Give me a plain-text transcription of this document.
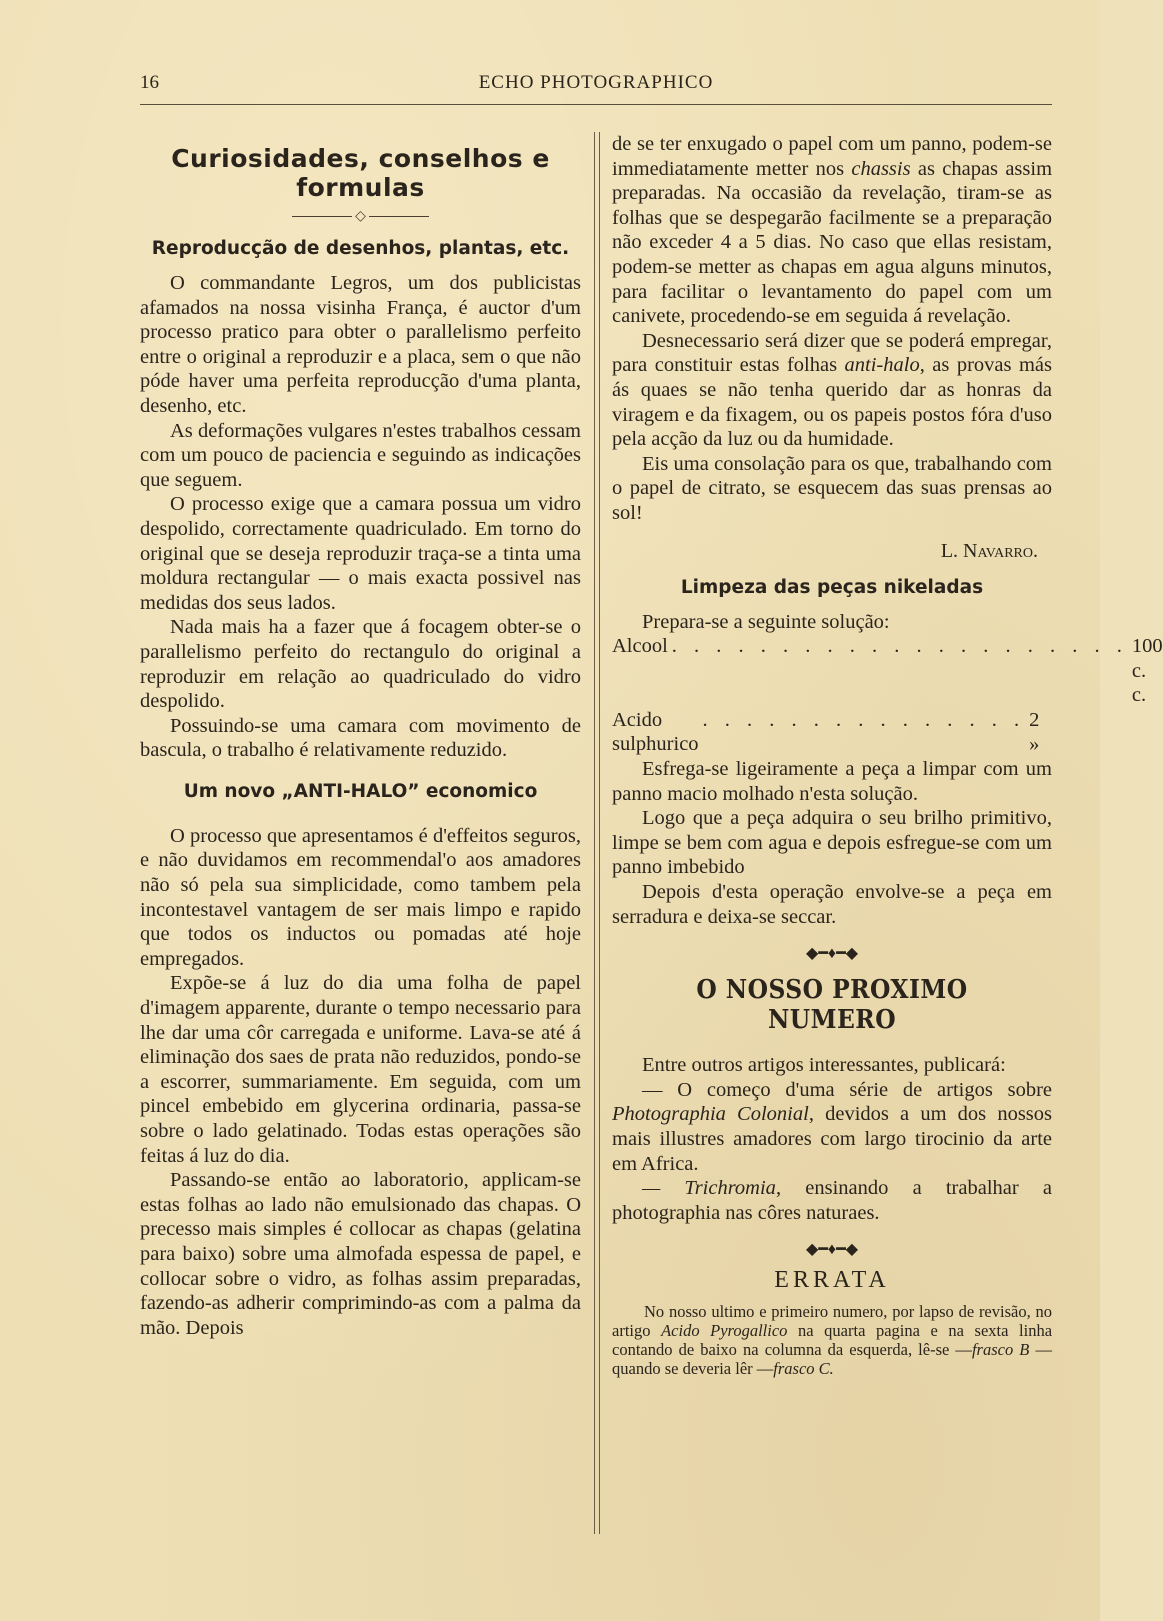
16	ECHO PHOTOGRAPHICO
Curiosidades, conselhos e formulas
◇
Reproducção de desenhos, plantas, etc.

O commandante Legros, um dos publicistas afamados na nossa visinha França, é auctor d'um processo pratico para obter o parallelismo perfeito entre o original a reproduzir e a placa, sem o que não póde haver uma perfeita reproducção d'uma planta, desenho, etc.

As deformações vulgares n'estes trabalhos cessam com um pouco de paciencia e seguindo as indicações que seguem.

O processo exige que a camara possua um vidro despolido, correctamente quadriculado. Em torno do original que se deseja reproduzir traça-se a tinta uma moldura rectangular — o mais exacta possivel nas medidas dos seus lados.

Nada mais ha a fazer que á focagem obter-se o parallelismo perfeito do rectangulo do original a reproduzir em relação ao quadriculado do vidro despolido.

Possuindo-se uma camara com movimento de bascula, o trabalho é relativamente reduzido.

Um novo „ANTI-HALO” economico

O processo que apresentamos é d'effeitos seguros, e não duvidamos em recommendal'o aos amadores não só pela sua simplicidade, como tambem pela incontestavel vantagem de ser mais limpo e rapido que todos os inductos ou pomadas até hoje empregados.

Expõe-se á luz do dia uma folha de papel d'imagem apparente, durante o tempo necessario para lhe dar uma côr carregada e uniforme. Lava-se até á eliminação dos saes de prata não reduzidos, pondo-se a escorrer, summariamente. Em seguida, com um pincel embebido em glycerina ordinaria, passa-se sobre o lado gelatinado. Todas estas operações são feitas á luz do dia.

Passando-se então ao laboratorio, applicam-se estas folhas ao lado não emulsionado das chapas. O precesso mais simples é collocar as chapas (gelatina para baixo) sobre uma almofada espessa de papel, e collocar sobre o vidro, as folhas assim preparadas, fazendo-as adherir comprimindo-as com a palma da mão. Depois

de se ter enxugado o papel com um panno, podem-se immediatamente metter nos chassis as chapas assim preparadas. Na occasião da revelação, tiram-se as folhas que se despegarão facilmente se a preparação não exceder 4 a 5 dias. No caso que ellas resistam, podem-se metter as chapas em agua alguns minutos, para facilitar o levantamento do papel com um canivete, procedendo-se em seguida á revelação.

Desnecessario será dizer que se poderá empregar, para constituir estas folhas anti-halo, as provas más ás quaes se não tenha querido dar as honras da viragem e da fixagem, ou os papeis postos fóra d'uso pela acção da luz ou da humidade.

Eis uma consolação para os que, trabalhando com o papel de citrato, se esquecem das suas prensas ao sol!

L. Navarro.
Limpeza das peças nikeladas

Prepara-se a seguinte solução:

Alcool . . . . . . . . . . . . . . . . . . . . . 100 c. c.
Acido sulphurico
. . . . . . . . . . . . . . . 2 »

Esfrega-se ligeiramente a peça a limpar com um panno macio molhado n'esta solução.

Logo que a peça adquira o seu brilho primitivo, limpe se bem com agua e depois esfregue-se com um panno imbebido

Depois d'esta operação envolve-se a peça em serradura e deixa-se seccar.

◆━♦━◆
O NOSSO PROXIMO NUMERO

Entre outros artigos interessantes, publicará:

— O começo d'uma série de artigos sobre Photographia Colonial, devidos a um dos nossos mais illustres amadores com largo tirocinio da arte em Africa.

— Trichromia, ensinando a trabalhar a photographia nas côres naturaes.

◆━♦━◆
ERRATA

No nosso ultimo e primeiro numero, por lapso de revisão, no artigo Acido Pyrogallico na quarta pagina e na sexta linha contando de baixo na columna da esquerda, lê-se —frasco B — quando se deveria lêr —frasco C.
